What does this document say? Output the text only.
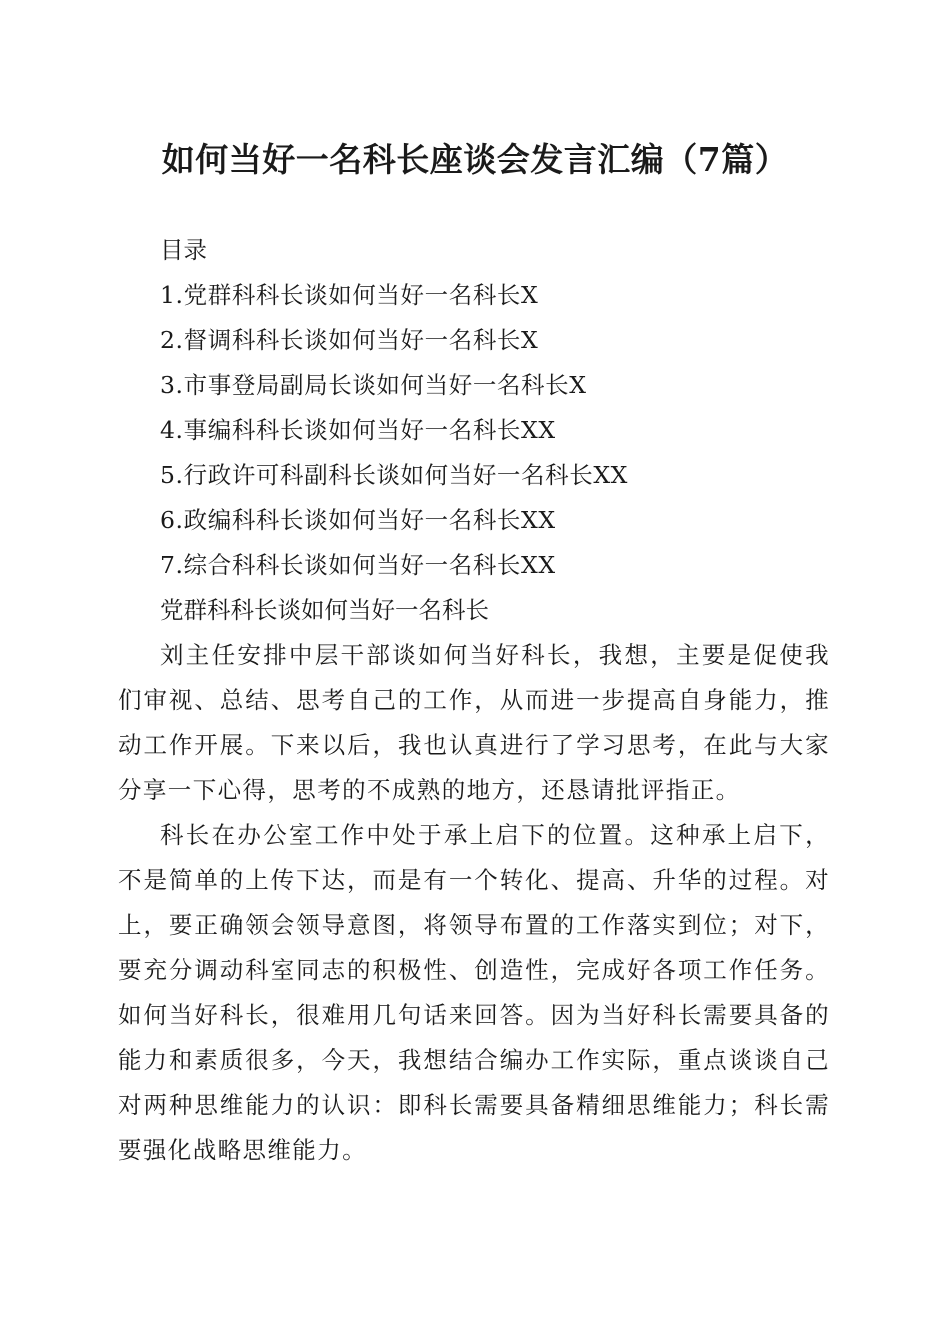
如何当好一名科长座谈会发言汇编（7篇）

目录

1.党群科科长谈如何当好一名科长X
2.督调科科长谈如何当好一名科长X
3.市事登局副局长谈如何当好一名科长X
4.事编科科长谈如何当好一名科长XX
5.行政许可科副科长谈如何当好一名科长XX
6.政编科科长谈如何当好一名科长XX
7.综合科科长谈如何当好一名科长XX

党群科科长谈如何当好一名科长

刘主任安排中层干部谈如何当好科长，我想，主要是促使我们审视、总结、思考自己的工作，从而进一步提高自身能力，推动工作开展。下来以后，我也认真进行了学习思考，在此与大家分享一下心得，思考的不成熟的地方，还恳请批评指正。

科长在办公室工作中处于承上启下的位置。这种承上启下，不是简单的上传下达，而是有一个转化、提高、升华的过程。对上，要正确领会领导意图，将领导布置的工作落实到位；对下，要充分调动科室同志的积极性、创造性，完成好各项工作任务。如何当好科长，很难用几句话来回答。因为当好科长需要具备的能力和素质很多，今天，我想结合编办工作实际，重点谈谈自己对两种思维能力的认识：即科长需要具备精细思维能力；科长需要强化战略思维能力。
